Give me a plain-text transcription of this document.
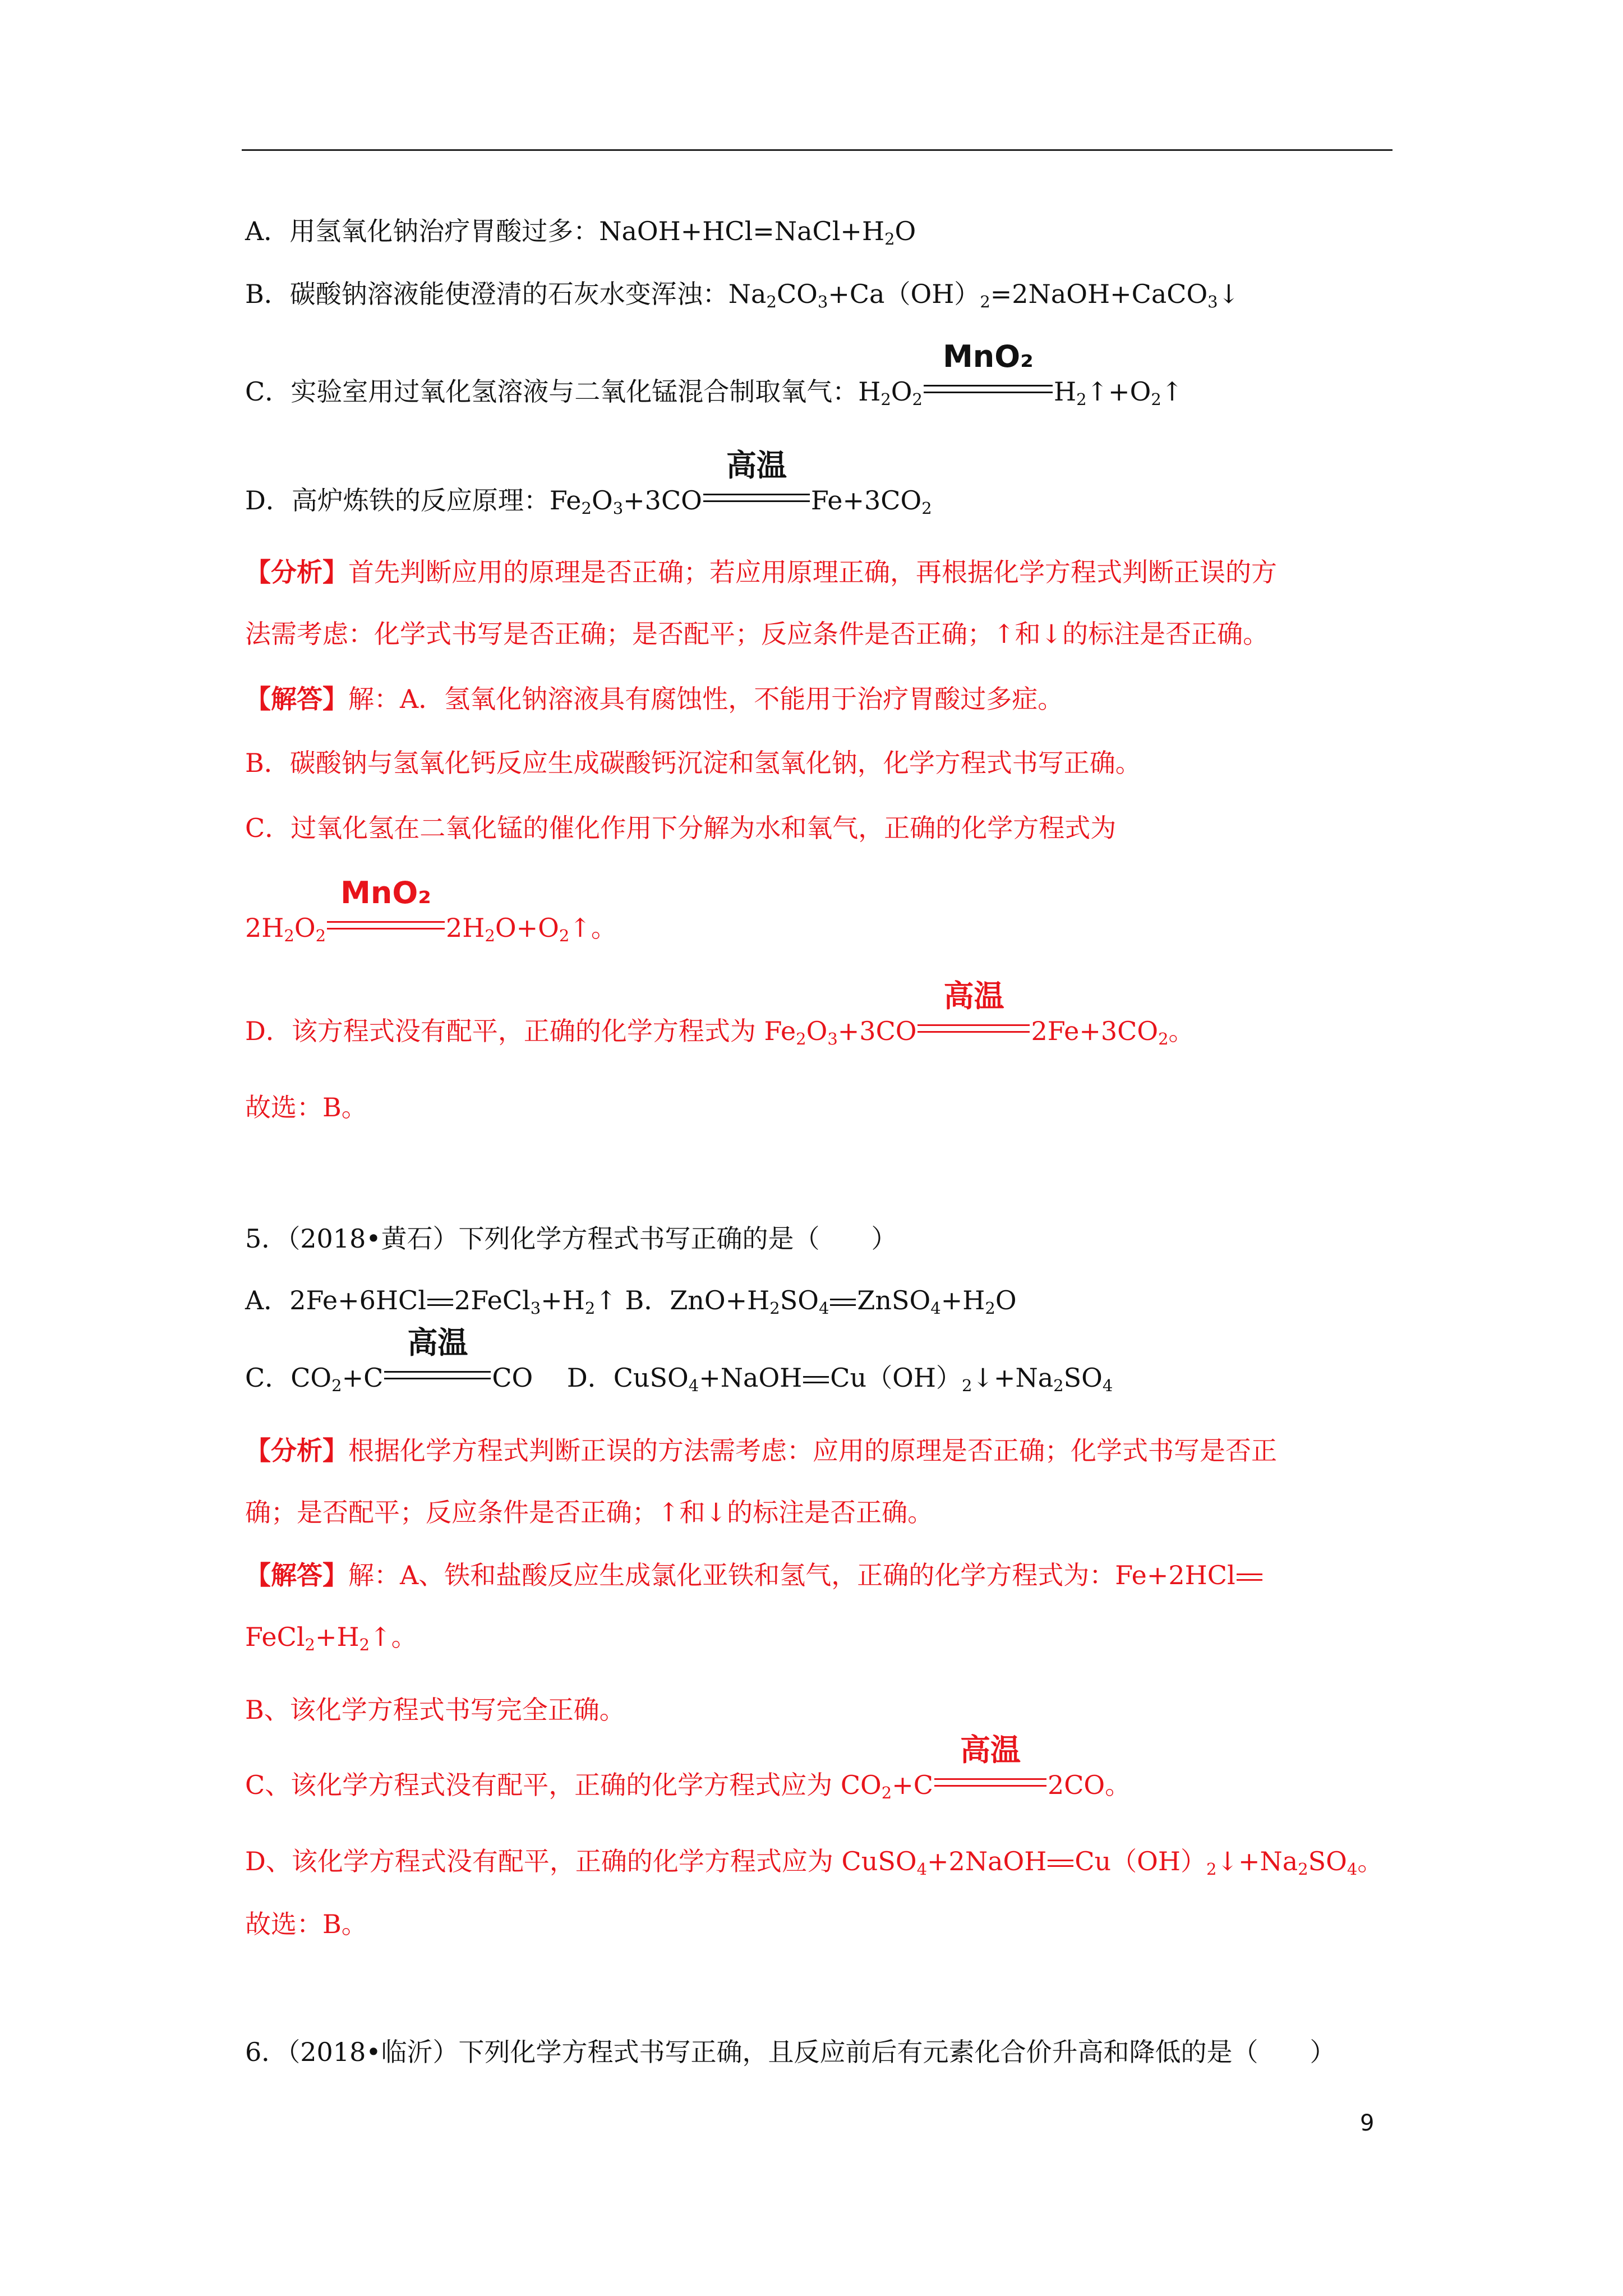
A．用氢氧化钠治疗胃酸过多：$NaOH+HCl=NaCl+H_2O$
B．碳酸钠溶液能使澄清的石灰水变浑浊：$Na_2CO_3+Ca(OH)_2=2NaOH+CaCO_3↓$
C．实验室用过氧化氢溶液与二氧化锰混合制取氧气：$H_2O_2$
MnO₂
$H_2↑+O_2↑$
D．高炉炼铁的反应原理：$Fe_2O_3+3CO$
高温
$Fe+3CO_2$
【分析】首先判断应用的原理是否正确；若应用原理正确，再根据化学方程式判断正误的方
法需考虑：化学式书写是否正确；是否配平；反应条件是否正确；↑和↓的标注是否正确。
【解答】解：A．氢氧化钠溶液具有腐蚀性，不能用于治疗胃酸过多症。
B．碳酸钠与氢氧化钙反应生成碳酸钙沉淀和氢氧化钠，化学方程式书写正确。
C．过氧化氢在二氧化锰的催化作用下分解为水和氧气，正确的化学方程式为
$2H_2O_2$
MnO₂
$2H_2O+O_2↑$。
D．该方程式没有配平，正确的化学方程式为 $Fe_2O_3+3CO$
高温
$2Fe+3CO_2$。
故选：B。
5．（2018•黄石）下列化学方程式书写正确的是（　　）
A．2Fe+6HCl $2FeCl_3+H_2↑$ B．$ZnO+H_2SO_4$ $ZnSO_4+H_2O$
C．$CO_2+C$
高温
CO　 D．CuSO$_4$+NaOH $Cu(OH)_2↓+Na_2SO_4$
【分析】根据化学方程式判断正误的方法需考虑：应用的原理是否正确；化学式书写是否正
确；是否配平；反应条件是否正确；↑和↓的标注是否正确。
【解答】解：A、铁和盐酸反应生成氯化亚铁和氢气，正确的化学方程式为：Fe+2HCl
$FeCl_2+H_2↑$。
B、该化学方程式书写完全正确。
C、该化学方程式没有配平，正确的化学方程式应为 $CO_2+C$
高温
2CO。
D、该化学方程式没有配平，正确的化学方程式应为 CuSO$_4$+2NaOH $Cu(OH)_2↓+Na_2SO_4$。
故选：B。
6．（2018•临沂）下列化学方程式书写正确，且反应前后有元素化合价升高和降低的是（　　）
9
